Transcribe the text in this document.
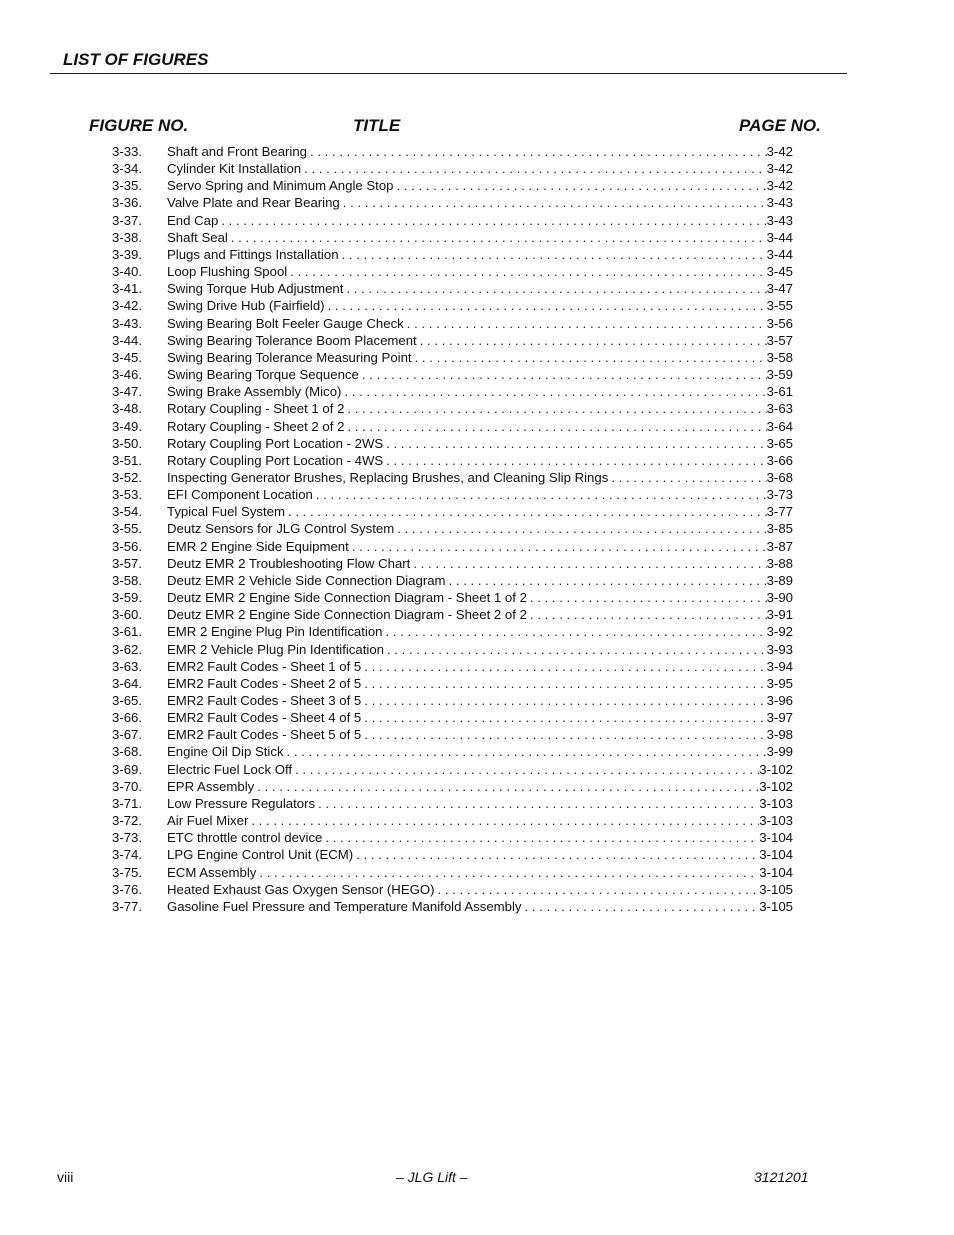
LIST OF FIGURES
FIGURE NO.	TITLE	PAGE NO.
3-33. Shaft and Front Bearing . . .	3-42
3-34. Cylinder Kit Installation . . .	3-42
3-35. Servo Spring and Minimum Angle Stop . . .	3-42
3-36. Valve Plate and Rear Bearing . . .	3-43
3-37. End Cap . . .	3-43
3-38. Shaft Seal . . .	3-44
3-39. Plugs and Fittings Installation . . .	3-44
3-40. Loop Flushing Spool . . .	3-45
3-41. Swing Torque Hub Adjustment . . .	3-47
3-42. Swing Drive Hub (Fairfield) . . .	3-55
3-43. Swing Bearing Bolt Feeler Gauge Check . . .	3-56
3-44. Swing Bearing Tolerance Boom Placement . . .	3-57
3-45. Swing Bearing Tolerance Measuring Point . . .	3-58
3-46. Swing Bearing Torque Sequence . . .	3-59
3-47. Swing Brake Assembly (Mico) . . .	3-61
3-48. Rotary Coupling - Sheet 1 of 2 . . .	3-63
3-49. Rotary Coupling - Sheet 2 of 2 . . .	3-64
3-50. Rotary Coupling Port Location - 2WS . . .	3-65
3-51. Rotary Coupling Port Location - 4WS . . .	3-66
3-52. Inspecting Generator Brushes, Replacing Brushes, and Cleaning Slip Rings . . .	3-68
3-53. EFI Component Location . . .	3-73
3-54. Typical Fuel System . . .	3-77
3-55. Deutz Sensors for JLG Control System . . .	3-85
3-56. EMR 2 Engine Side Equipment . . .	3-87
3-57. Deutz EMR 2 Troubleshooting Flow Chart . . .	3-88
3-58. Deutz EMR 2 Vehicle Side Connection Diagram . . .	3-89
3-59. Deutz EMR 2 Engine Side Connection Diagram - Sheet 1 of 2 . . .	3-90
3-60. Deutz EMR 2 Engine Side Connection Diagram - Sheet 2 of 2 . . .	3-91
3-61. EMR 2 Engine Plug Pin Identification . . .	3-92
3-62. EMR 2 Vehicle Plug Pin Identification . . .	3-93
3-63. EMR2 Fault Codes - Sheet 1 of 5 . . .	3-94
3-64. EMR2 Fault Codes - Sheet 2 of 5 . . .	3-95
3-65. EMR2 Fault Codes - Sheet 3 of 5 . . .	3-96
3-66. EMR2 Fault Codes - Sheet 4 of 5 . . .	3-97
3-67. EMR2 Fault Codes - Sheet 5 of 5 . . .	3-98
3-68. Engine Oil Dip Stick . . .	3-99
3-69. Electric Fuel Lock Off . . .	3-102
3-70. EPR Assembly . . .	3-102
3-71. Low Pressure Regulators . . .	3-103
3-72. Air Fuel Mixer . . .	3-103
3-73. ETC throttle control device . . .	3-104
3-74. LPG Engine Control Unit (ECM) . . .	3-104
3-75. ECM Assembly . . .	3-104
3-76. Heated Exhaust Gas Oxygen Sensor (HEGO) . . .	3-105
3-77. Gasoline Fuel Pressure and Temperature Manifold Assembly . . .	3-105
viii	– JLG Lift –	3121201
